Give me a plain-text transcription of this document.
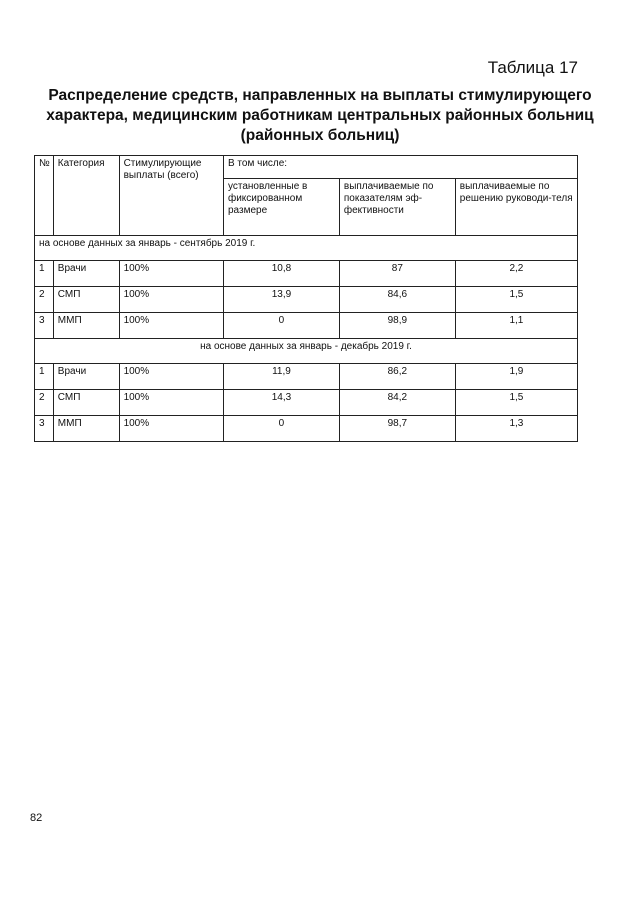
Таблица 17
Распределение средств, направленных на выплаты стимулирующего
характера, медицинским работникам центральных районных больниц
(районных больниц)
№	Категория	Стимулирующие выплаты (всего)	В том числе:		
			установленные в фиксированном размере	выплачиваемые по показателям эф-фективности	выплачиваемые по решению руководи-теля
на основе данных за январь - сентябрь 2019 г.					
1	Врачи	100%	10,8	87	2,2
2	СМП	100%	13,9	84,6	1,5
3	ММП	100%	0	98,9	1,1
на основе данных за январь - декабрь 2019 г.					
1	Врачи	100%	11,9	86,2	1,9
2	СМП	100%	14,3	84,2	1,5
3	ММП	100%	0	98,7	1,3
82
